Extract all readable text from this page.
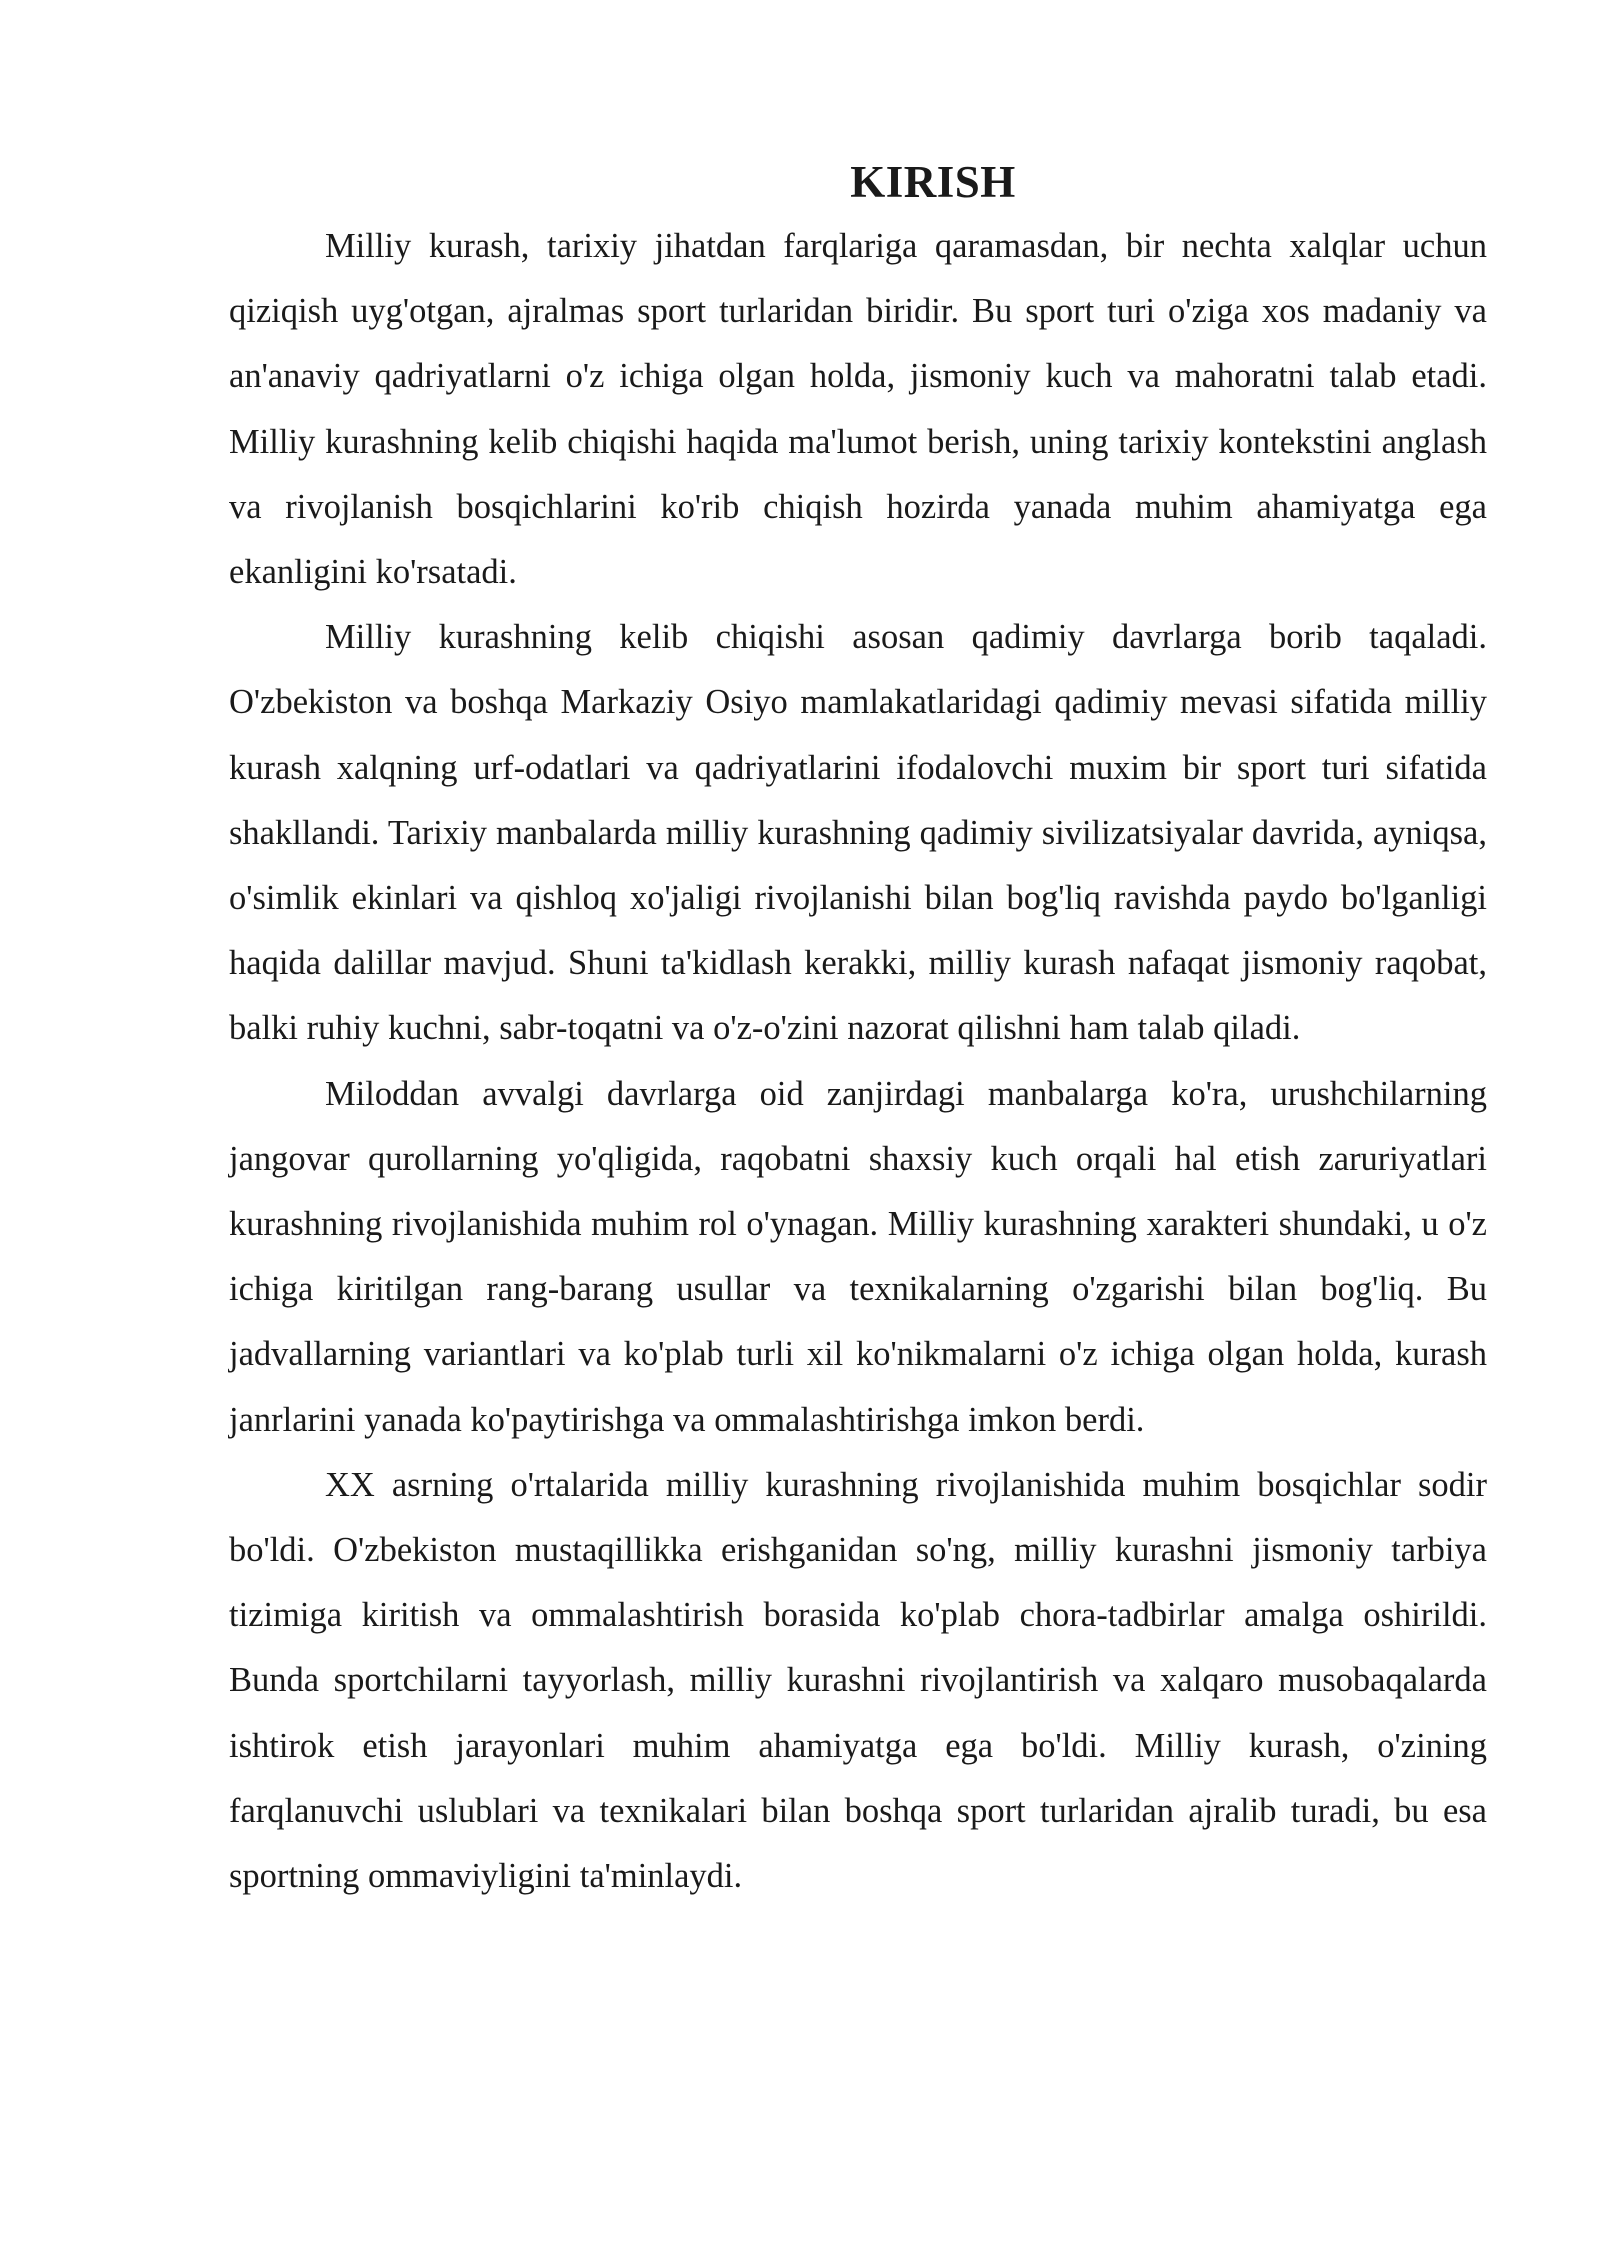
KIRISH

Milliy kurash, tarixiy jihatdan farqlariga qaramasdan, bir nechta xalqlar uchun qiziqish uyg'otgan, ajralmas sport turlaridan biridir. Bu sport turi o'ziga xos madaniy va an'anaviy qadriyatlarni o'z ichiga olgan holda, jismoniy kuch va mahoratni talab etadi. Milliy kurashning kelib chiqishi haqida ma'lumot berish, uning tarixiy kontekstini anglash va rivojlanish bosqichlarini ko'rib chiqish hozirda yanada muhim ahamiyatga ega ekanligini ko'rsatadi.

Milliy kurashning kelib chiqishi asosan qadimiy davrlarga borib taqaladi. O'zbekiston va boshqa Markaziy Osiyo mamlakatlaridagi qadimiy mevasi sifatida milliy kurash xalqning urf-odatlari va qadriyatlarini ifodalovchi muxim bir sport turi sifatida shakllandi. Tarixiy manbalarda milliy kurashning qadimiy sivilizatsiyalar davrida, ayniqsa, o'simlik ekinlari va qishloq xo'jaligi rivojlanishi bilan bog'liq ravishda paydo bo'lganligi haqida dalillar mavjud. Shuni ta'kidlash kerakki, milliy kurash nafaqat jismoniy raqobat, balki ruhiy kuchni, sabr-toqatni va o'z-o'zini nazorat qilishni ham talab qiladi.

Miloddan avvalgi davrlarga oid zanjirdagi manbalarga ko'ra, urushchilarning jangovar qurollarning yo'qligida, raqobatni shaxsiy kuch orqali hal etish zaruriyatlari kurashning rivojlanishida muhim rol o'ynagan. Milliy kurashning xarakteri shundaki, u o'z ichiga kiritilgan rang-barang usullar va texnikalarning o'zgarishi bilan bog'liq. Bu jadvallarning variantlari va ko'plab turli xil ko'nikmalarni o'z ichiga olgan holda, kurash janrlarini yanada ko'paytirishga va ommalashtirishga imkon berdi.

XX asrning o'rtalarida milliy kurashning rivojlanishida muhim bosqichlar sodir bo'ldi. O'zbekiston mustaqillikka erishganidan so'ng, milliy kurashni jismoniy tarbiya tizimiga kiritish va ommalashtirish borasida ko'plab chora-tadbirlar amalga oshirildi. Bunda sportchilarni tayyorlash, milliy kurashni rivojlantirish va xalqaro musobaqalarda ishtirok etish jarayonlari muhim ahamiyatga ega bo'ldi. Milliy kurash, o'zining farqlanuvchi uslublari va texnikalari bilan boshqa sport turlaridan ajralib turadi, bu esa sportning ommaviyligini ta'minlaydi.
